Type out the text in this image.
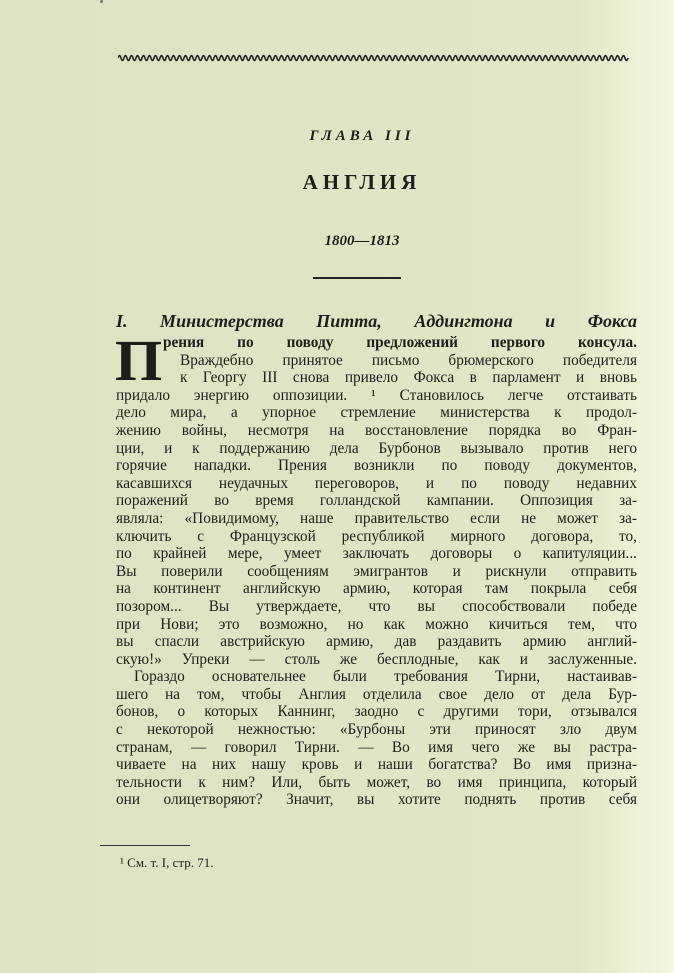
ГЛАВА III
АНГЛИЯ
1800—1813
I. Министерства Питта, Аддингтона и Фокса
П рения по поводу предложений первого консула.
Враждебно принятое письмо брюмерского победителя
к Георгу III снова привело Фокса в парламент и вновь
придало энергию оппозиции. ¹ Становилось легче отстаивать
дело мира, а упорное стремление министерства к продол-
жению войны, несмотря на восстановление порядка во Фран-
ции, и к поддержанию дела Бурбонов вызывало против него
горячие нападки. Прения возникли по поводу документов,
касавшихся неудачных переговоров, и по поводу недавних
поражений во время голландской кампании. Оппозиция за-
являла: «Повидимому, наше правительство если не может за-
ключить с Французской республикой мирного договора, то,
по крайней мере, умеет заключать договоры о капитуляции...
Вы поверили сообщениям эмигрантов и рискнули отправить
на континент английскую армию, которая там покрыла себя
позором... Вы утверждаете, что вы способствовали победе
при Нови; это возможно, но как можно кичиться тем, что
вы спасли австрийскую армию, дав раздавить армию англий-
скую!» Упреки — столь же бесплодные, как и заслуженные.
Гораздо основательнее были требования Тирни, настаивав-
шего на том, чтобы Англия отделила свое дело от дела Бур-
бонов, о которых Каннинг, заодно с другими тори, отзывался
с некоторой нежностью: «Бурбоны эти приносят зло двум
странам, — говорил Тирни. — Во имя чего же вы растра-
чиваете на них нашу кровь и наши богатства? Во имя призна-
тельности к ним? Или, быть может, во имя принципа, который
они олицетворяют? Значит, вы хотите поднять против себя
¹ См. т. I, стр. 71.
